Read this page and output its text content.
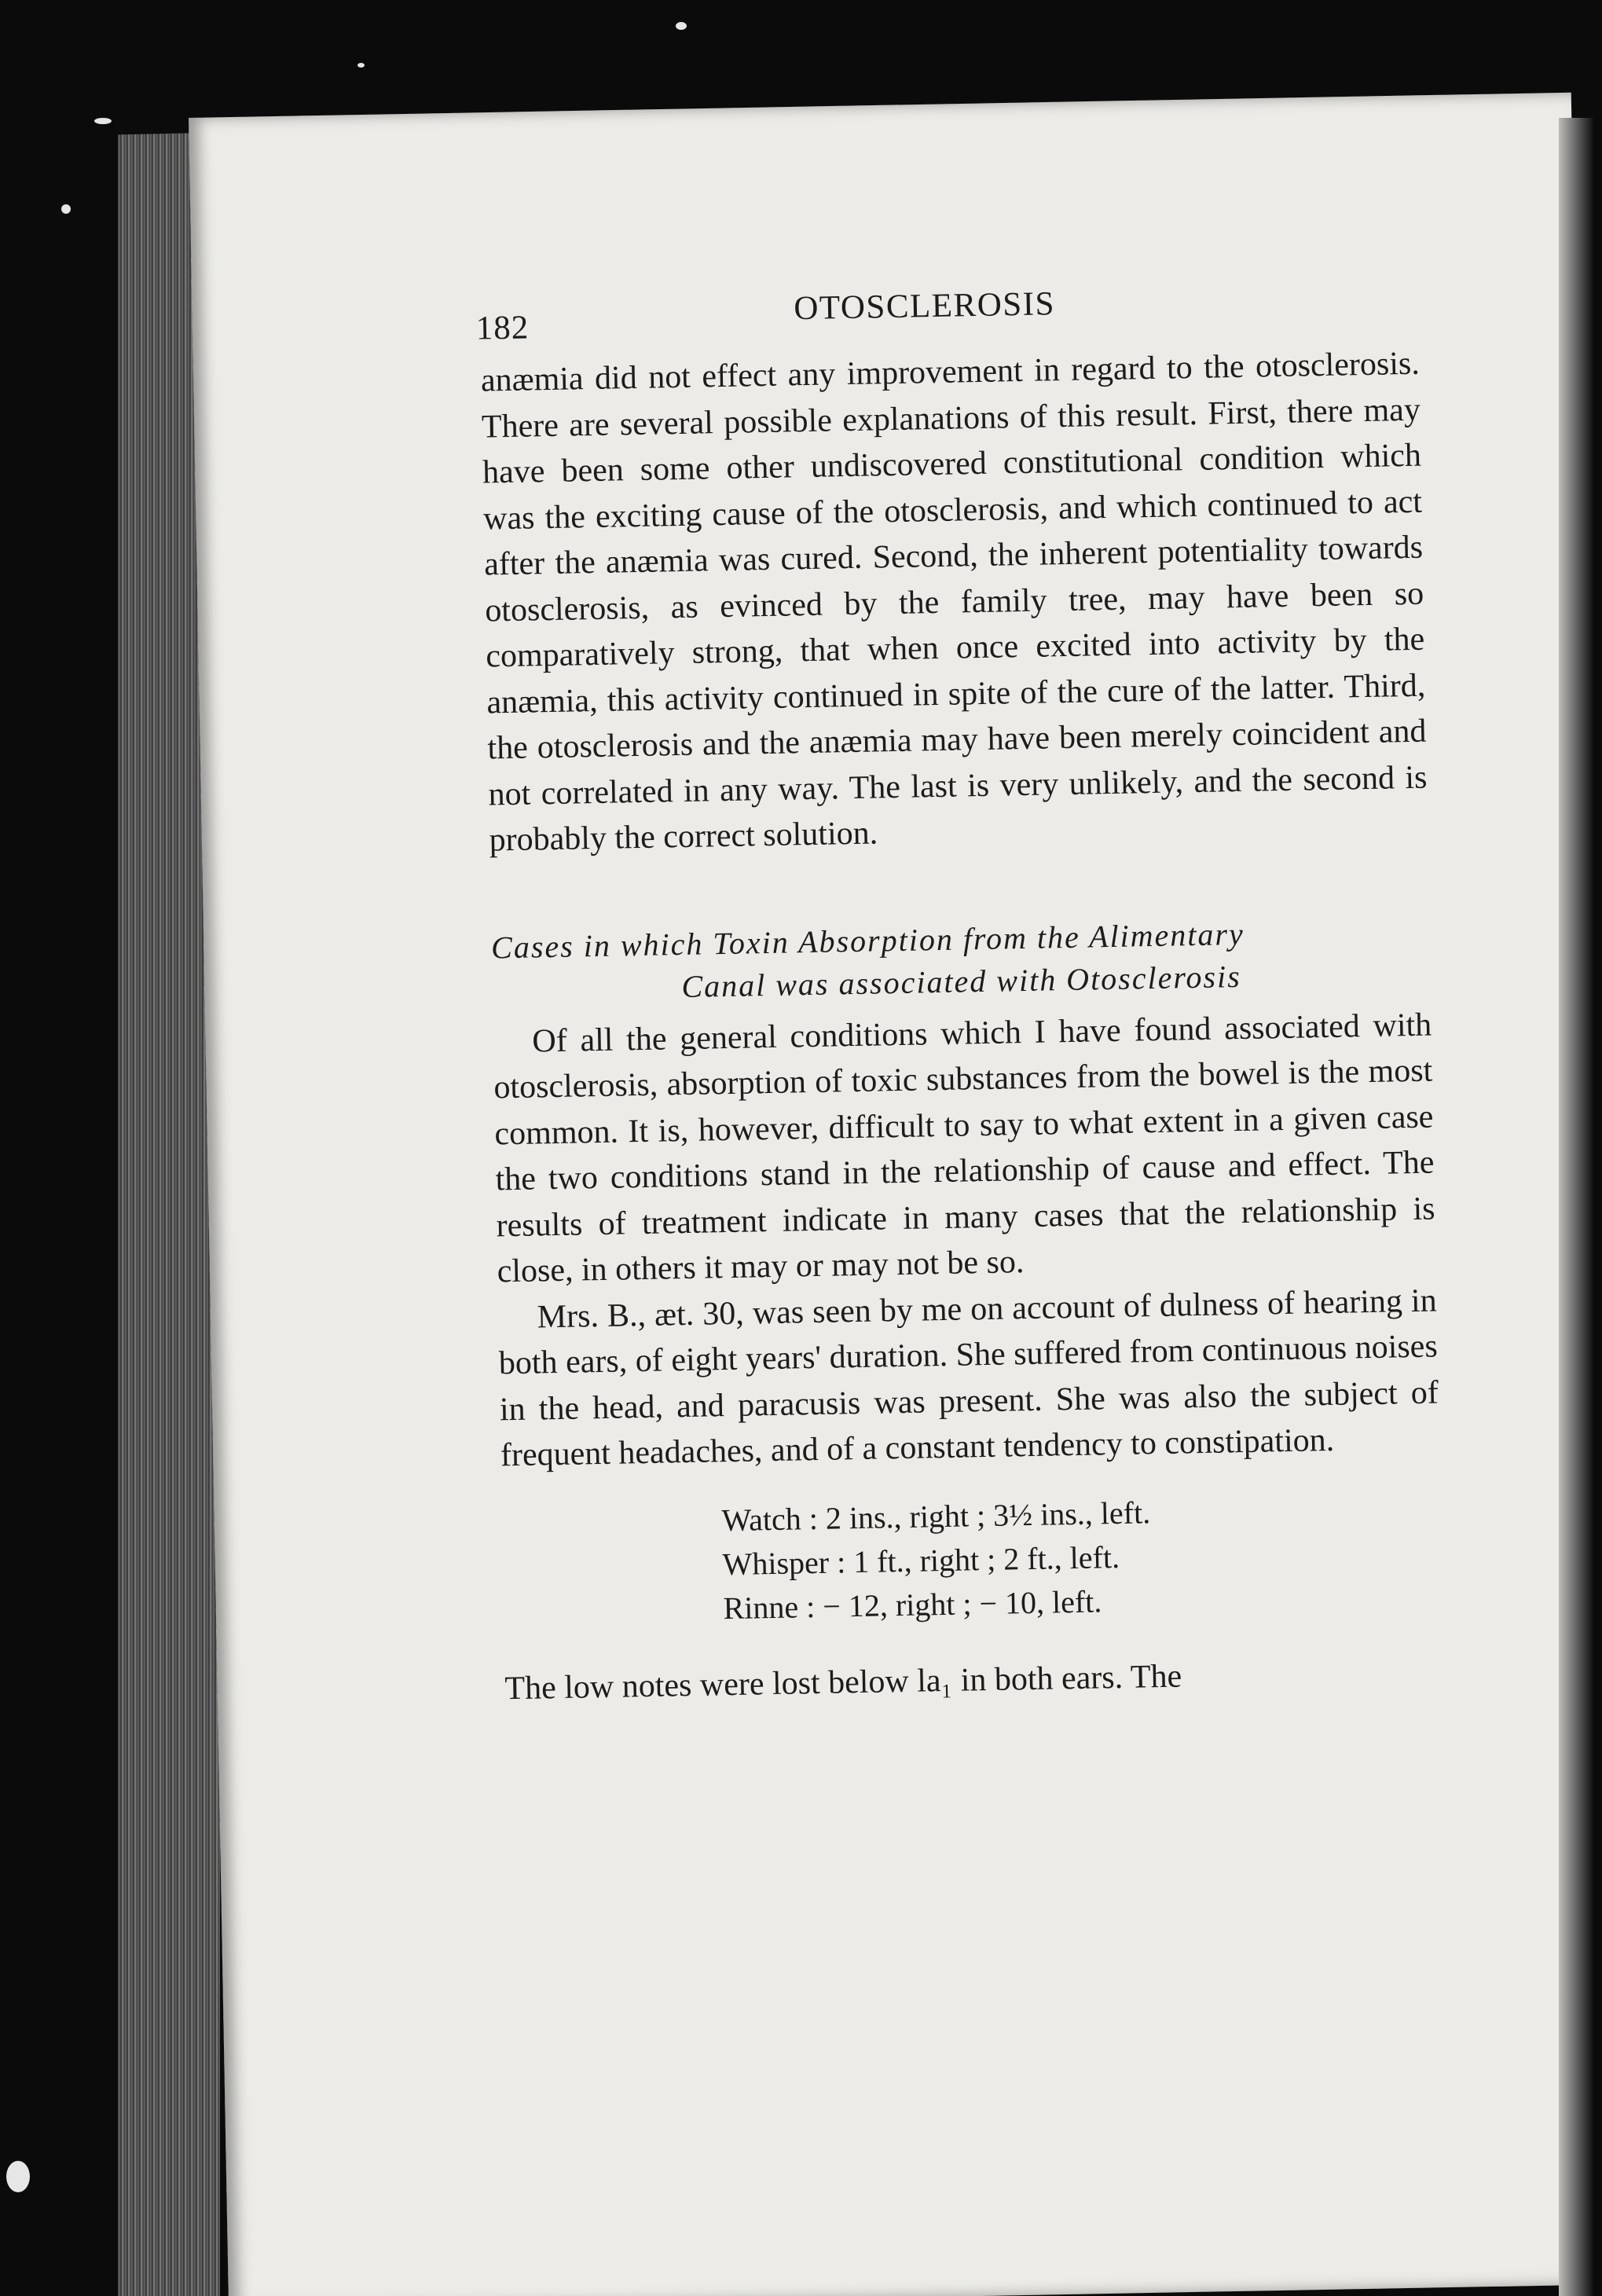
182
OTOSCLEROSIS

anæmia did not effect any improvement in regard to the otosclerosis. There are several possible explanations of this result. First, there may have been some other undiscovered constitutional condition which was the exciting cause of the otosclerosis, and which continued to act after the anæmia was cured. Second, the inherent potentiality towards otosclerosis, as evinced by the family tree, may have been so comparatively strong, that when once excited into activity by the anæmia, this activity continued in spite of the cure of the latter. Third, the otosclerosis and the anæmia may have been merely coincident and not correlated in any way. The last is very unlikely, and the second is probably the correct solution.

Cases in which Toxin Absorption from the Alimentary
Canal was associated with Otosclerosis

Of all the general conditions which I have found associated with otosclerosis, absorption of toxic substances from the bowel is the most common. It is, however, difficult to say to what extent in a given case the two conditions stand in the relationship of cause and effect. The results of treatment indicate in many cases that the relationship is close, in others it may or may not be so.

Mrs. B., æt. 30, was seen by me on account of dulness of hearing in both ears, of eight years' duration. She suffered from continuous noises in the head, and paracusis was present. She was also the subject of frequent headaches, and of a constant tendency to constipation.

Watch : 2 ins., right ; 3½ ins., left.
Whisper : 1 ft., right ; 2 ft., left.
Rinne : − 12, right ; − 10, left.

The low notes were lost below la₁ in both ears. The
